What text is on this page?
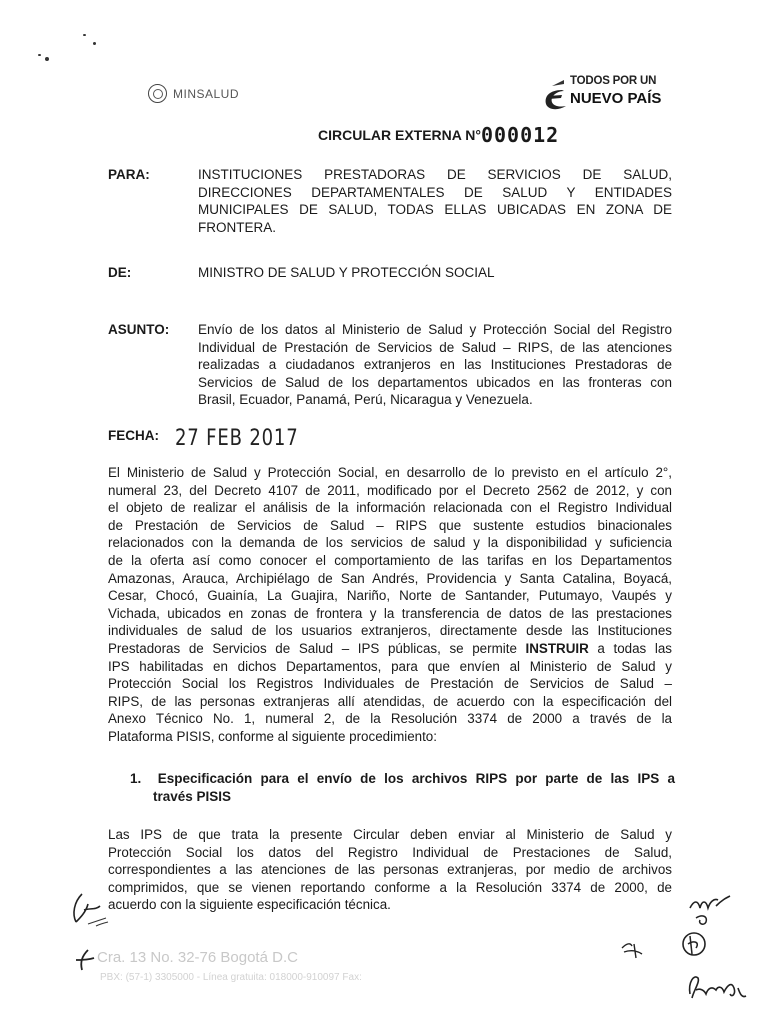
MINSALUD
TODOS POR UN
NUEVO PAÍS
CIRCULAR EXTERNA N°000012
PARA:	INSTITUCIONES PRESTADORAS DE SERVICIOS DE SALUD,
DIRECCIONES DEPARTAMENTALES DE SALUD Y ENTIDADES
MUNICIPALES DE SALUD, TODAS ELLAS UBICADAS EN ZONA DE
FRONTERA.
DE:	MINISTRO DE SALUD Y PROTECCIÓN SOCIAL
ASUNTO: Envío de los datos al Ministerio de Salud y Protección Social del Registro
Individual de Prestación de Servicios de Salud – RIPS, de las atenciones
realizadas a ciudadanos extranjeros en las Instituciones Prestadoras de
Servicios de Salud de los departamentos ubicados en las fronteras con
Brasil, Ecuador, Panamá, Perú, Nicaragua y Venezuela.
FECHA: 27 FEB 2017
El Ministerio de Salud y Protección Social, en desarrollo de lo previsto en el artículo 2°,
numeral 23, del Decreto 4107 de 2011, modificado por el Decreto 2562 de 2012, y con
el objeto de realizar el análisis de la información relacionada con el Registro Individual
de Prestación de Servicios de Salud – RIPS que sustente estudios binacionales
relacionados con la demanda de los servicios de salud y la disponibilidad y suficiencia
de la oferta así como conocer el comportamiento de las tarifas en los Departamentos
Amazonas, Arauca, Archipiélago de San Andrés, Providencia y Santa Catalina, Boyacá,
Cesar, Chocó, Guainía, La Guajira, Nariño, Norte de Santander, Putumayo, Vaupés y
Vichada, ubicados en zonas de frontera y la transferencia de datos de las prestaciones
individuales de salud de los usuarios extranjeros, directamente desde las Instituciones
Prestadoras de Servicios de Salud – IPS públicas, se permite INSTRUIR a todas las
IPS habilitadas en dichos Departamentos, para que envíen al Ministerio de Salud y
Protección Social los Registros Individuales de Prestación de Servicios de Salud –
RIPS, de las personas extranjeras allí atendidas, de acuerdo con la especificación del
Anexo Técnico No. 1, numeral 2, de la Resolución 3374 de 2000 a través de la
Plataforma PISIS, conforme al siguiente procedimiento:
1. Especificación para el envío de los archivos RIPS por parte de las IPS a
través PISIS
Las IPS de que trata la presente Circular deben enviar al Ministerio de Salud y
Protección Social los datos del Registro Individual de Prestaciones de Salud,
correspondientes a las atenciones de las personas extranjeras, por medio de archivos
comprimidos, que se vienen reportando conforme a la Resolución 3374 de 2000, de
acuerdo con la siguiente especificación técnica.
Cra. 13 No. 32-76 Bogotá D.C
PBX: (57-1) 3305000 - Línea gratuita: 018000-910097 Fax:
